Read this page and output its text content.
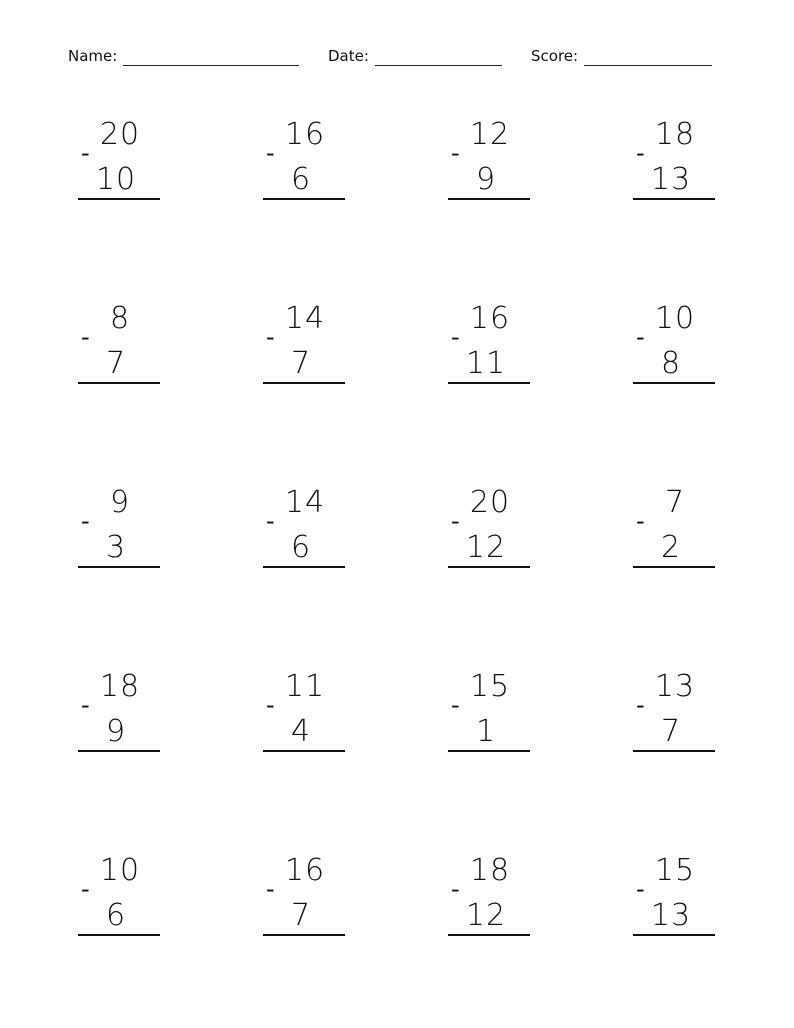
Name:	Date:	Score:
20
-
10
16
-
6
12
-
9
18
-
13
8
-
7
14
-
7
16
-
11
10
-
8
9
-
3
14
-
6
20
-
12
7
-
2
18
-
9
11
-
4
15
-
1
13
-
7
10
-
6
16
-
7
18
-
12
15
-
13
